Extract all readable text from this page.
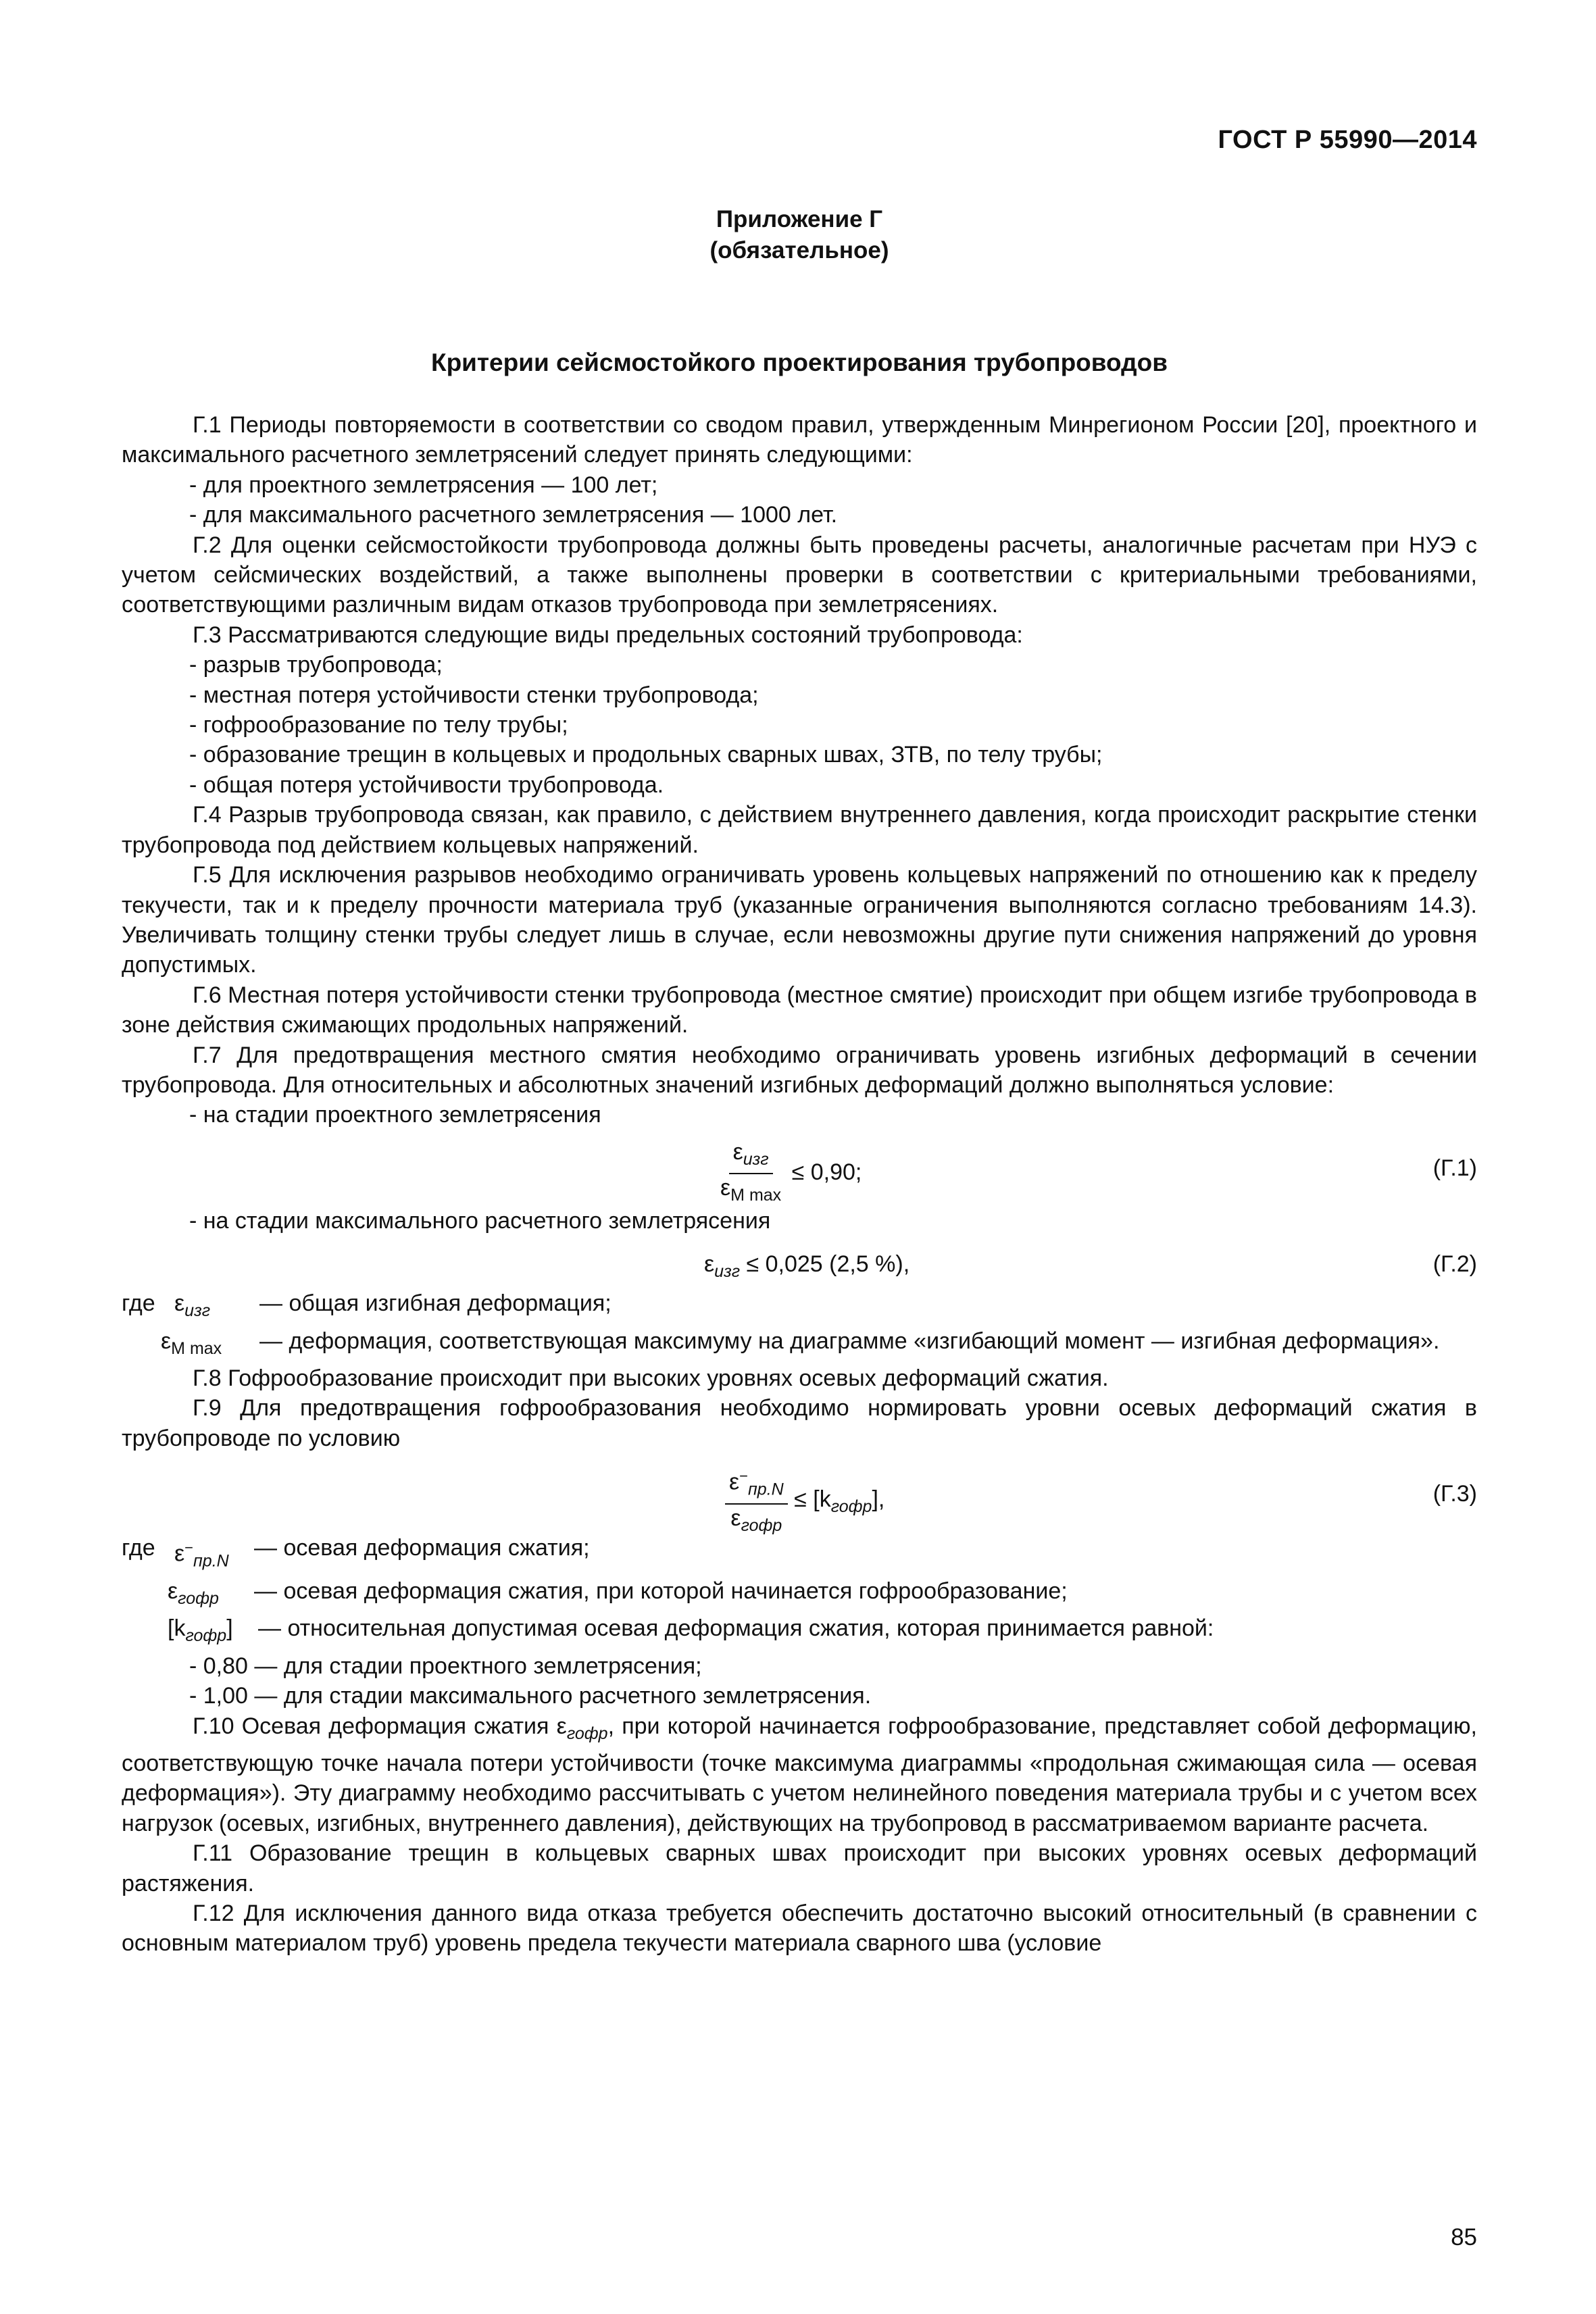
ГОСТ Р 55990—2014
Приложение Г
(обязательное)
Критерии сейсмостойкого проектирования трубопроводов

Г.1 Периоды повторяемости в соответствии со сводом правил, утвержденным Минрегионом России [20], проектного и максимального расчетного землетрясений следует принять следующими:

- для проектного землетрясения — 100 лет;

- для максимального расчетного землетрясения — 1000 лет.

Г.2 Для оценки сейсмостойкости трубопровода должны быть проведены расчеты, аналогичные расчетам при НУЭ с учетом сейсмических воздействий, а также выполнены проверки в соответствии с критериальными требованиями, соответствующими различным видам отказов трубопровода при землетрясениях.

Г.3 Рассматриваются следующие виды предельных состояний трубопровода:

- разрыв трубопровода;

- местная потеря устойчивости стенки трубопровода;

- гофрообразование по телу трубы;

- образование трещин в кольцевых и продольных сварных швах, ЗТВ, по телу трубы;

- общая потеря устойчивости трубопровода.

Г.4 Разрыв трубопровода связан, как правило, с действием внутреннего давления, когда происходит раскрытие стенки трубопровода под действием кольцевых напряжений.

Г.5 Для исключения разрывов необходимо ограничивать уровень кольцевых напряжений по отношению как к пределу текучести, так и к пределу прочности материала труб (указанные ограничения выполняются согласно требованиям 14.3). Увеличивать толщину стенки трубы следует лишь в случае, если невозможны другие пути снижения напряжений до уровня допустимых.

Г.6 Местная потеря устойчивости стенки трубопровода (местное смятие) происходит при общем изгибе трубопровода в зоне действия сжимающих продольных напряжений.

Г.7 Для предотвращения местного смятия необходимо ограничивать уровень изгибных деформаций в сечении трубопровода. Для относительных и абсолютных значений изгибных деформаций должно выполняться условие:

- на стадии проектного землетрясения

$\frac{\varepsilon_{изг}}{\varepsilon_{M max}} \le 0,90$;	(Г.1)

- на стадии максимального расчетного землетрясения

$\varepsilon_{изг} \le 0,025$ (2,5 %),	(Г.2)
где $\varepsilon_{изг}$	— общая изгибная деформация;
$\varepsilon_{M max}$	— деформация, соответствующая максимуму на диаграмме «изгибающий момент — изгибная деформация».

Г.8 Гофрообразование происходит при высоких уровнях осевых деформаций сжатия.

Г.9 Для предотвращения гофрообразования необходимо нормировать уровни осевых деформаций сжатия в трубопроводе по условию

$\frac{\varepsilon^-_{пр.N}}{\varepsilon_{гофр}} \le [k_{гофр}]$,	(Г.3)
где $\varepsilon^-_{пр.N}$
— осевая деформация сжатия;
$\varepsilon_{гофр}$	— осевая деформация сжатия, при которой начинается гофрообразование;
$[k_{гофр}]$	— относительная допустимая осевая деформация сжатия, которая принимается равной:

- 0,80 — для стадии проектного землетрясения;

- 1,00 — для стадии максимального расчетного землетрясения.

Г.10 Осевая деформация сжатия $\varepsilon_{гофр}$, при которой начинается гофрообразование, представляет собой деформацию, соответствующую точке начала потери устойчивости (точке максимума диаграммы «продольная сжимающая сила — осевая деформация»). Эту диаграмму необходимо рассчитывать с учетом нелинейного поведения материала трубы и с учетом всех нагрузок (осевых, изгибных, внутреннего давления), действующих на трубопровод в рассматриваемом варианте расчета.

Г.11 Образование трещин в кольцевых сварных швах происходит при высоких уровнях осевых деформаций растяжения.

Г.12 Для исключения данного вида отказа требуется обеспечить достаточно высокий относительный (в сравнении с основным материалом труб) уровень предела текучести материала сварного шва (условие

85
